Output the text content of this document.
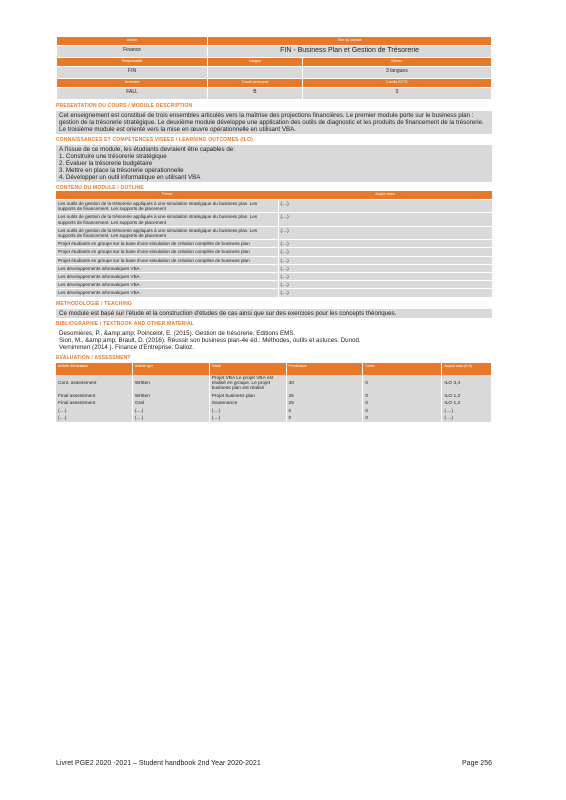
Année	Titre du module	
Finance	FIN - Business Plan et Gestion de Trésorerie	
Responsable	Langue	Niveau
FIN		3 langues
Semestre	Travail personnel	Crédits ECTS
FALL	B	3
PRESENTATION DU COURS / MODULE DESCRIPTION
Cet enseignement est constitué de trois ensembles articulés vers la maîtrise des projections financières. Le premier module porte sur le business plan : gestion de la trésorerie stratégique. Le deuxième module développe une application des outils de diagnostic et les produits de financement de la trésorerie. Le troisième module est orienté vers la mise en œuvre opérationnelle en utilisant VBA.
CONNAISSANCES ET COMPETENCES VISEES / LEARNING OUTCOMES (ILO)

A l'issue de ce module, les étudiants devraient être capables de:

1. Construire une trésorerie stratégique

2. Evaluer la trésorerie budgétaire

3. Mettre en place la trésorerie opérationnelle

4. Développer un outil informatique en utilisant VBA

CONTENU DU MODULE / OUTLINE
Thème	Acquis visés
Les outils de gestion de la trésorerie appliqués à une simulation stratégique du business plan. Les supports de financement. Les supports de placement	(....)
Les outils de gestion de la trésorerie appliqués à une simulation stratégique du business plan. Les supports de financement. Les supports de placement	(....)
Les outils de gestion de la trésorerie appliqués à une simulation stratégique du business plan. Les supports de financement. Les supports de placement	(....)
Projet étudiants en groupe sur la base d'une simulation de création complète de business plan	(....)
Projet étudiants en groupe sur la base d'une simulation de création complète de business plan	(....)
Projet étudiants en groupe sur la base d'une simulation de création complète de business plan	(....)
Les développements informatiques VBA	(....)
Les développements informatiques VBA	(....)
Les développements informatiques VBA	(....)
Les développements informatiques VBA	(....)
METHODOLOGIE / TEACHING
Ce module est basé sur l'étude et la construction d'études de cas ainsi que sur des exercices pour les concepts théoriques.
BIBLIOGRAPHIE / TEXTBOOK AND OTHER MATERIAL
Desomières, P., &amp;amp; Poincelot, E. (2015). Gestion de trésorerie. Editions EMS.
Sion, M., &amp;amp; Brault, D. (2016). Réussir son business plan-4e éd.: Méthodes, outils et astuces. Dunod.
Vernimmen (2014 ). Finance d'Entreprise. Dalloz.
EVALUATION / ASSESSMENT
Activité d'évaluation	Activité type	Détail	Pondération	Durée	Acquis visés (ILO)
Cont. assessment	Written	Projet VBA Le projet VBA est réalisé en groupe. Le projet business plan est réalisé	40	0	ILO 3,4
Final assessment	Written	Projet business plan	35	0	ILO 1,2
Final assessment	Oral	Soutenance	25	0	ILO 1,2
(....)	(....)	(....)	0	0	(....)
(....)	(....)	(....)	0	0	(....)
Livret PGE2 2020 -2021 – Student handbook 2nd Year 2020-2021	Page 256
